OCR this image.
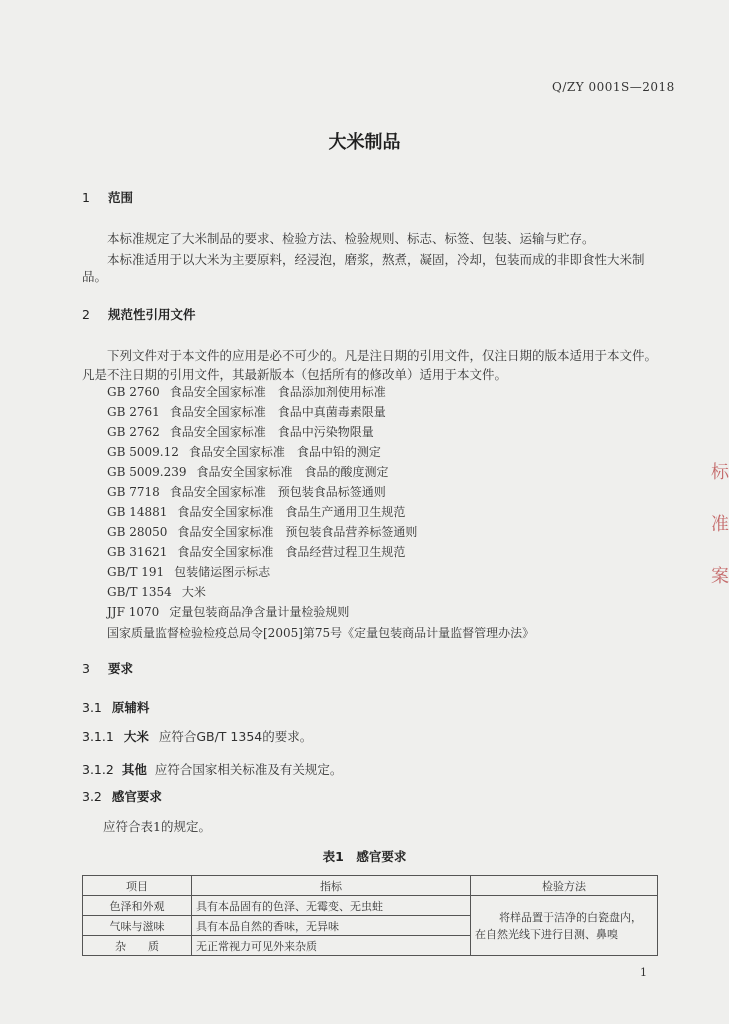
Q/ZY 0001S—2018
大米制品
1 范围
本标准规定了大米制品的要求、检验方法、检验规则、标志、标签、包装、运输与贮存。
本标准适用于以大米为主要原料，经浸泡，磨浆，熬煮，凝固，冷却，包装而成的非即食性大米制
品。
2 规范性引用文件
下列文件对于本文件的应用是必不可少的。凡是注日期的引用文件，仅注日期的版本适用于本文件。
凡是不注日期的引用文件，其最新版本（包括所有的修改单）适用于本文件。
GB 2760 食品安全国家标准 食品添加剂使用标准
GB 2761 食品安全国家标准 食品中真菌毒素限量
GB 2762 食品安全国家标准 食品中污染物限量
GB 5009.12 食品安全国家标准 食品中铅的测定
GB 5009.239 食品安全国家标准 食品的酸度测定
GB 7718 食品安全国家标准 预包装食品标签通则
GB 14881 食品安全国家标准 食品生产通用卫生规范
GB 28050 食品安全国家标准 预包装食品营养标签通则
GB 31621 食品安全国家标准 食品经营过程卫生规范
GB/T 191 包装储运图示标志
GB/T 1354 大米
JJF 1070 定量包装商品净含量计量检验规则
国家质量监督检验检疫总局令[2005]第75号《定量包装商品计量监督管理办法》
3 要求
3.1 原辅料
3.1.1 大米 应符合GB/T 1354的要求。
3.1.2 其他 应符合国家相关标准及有关规定。
3.2 感官要求
应符合表1的规定。
表1　感官要求
项目	指标	检验方法
色泽和外观	具有本品固有的色泽、无霉变、无虫蛀	将样品置于洁净的白瓷盘内，
在自然光线下进行目测、鼻嗅

气味与滋味	具有本品自然的香味，无异味	
杂　　质	无正常视力可见外来杂质	
1
标
准
案
